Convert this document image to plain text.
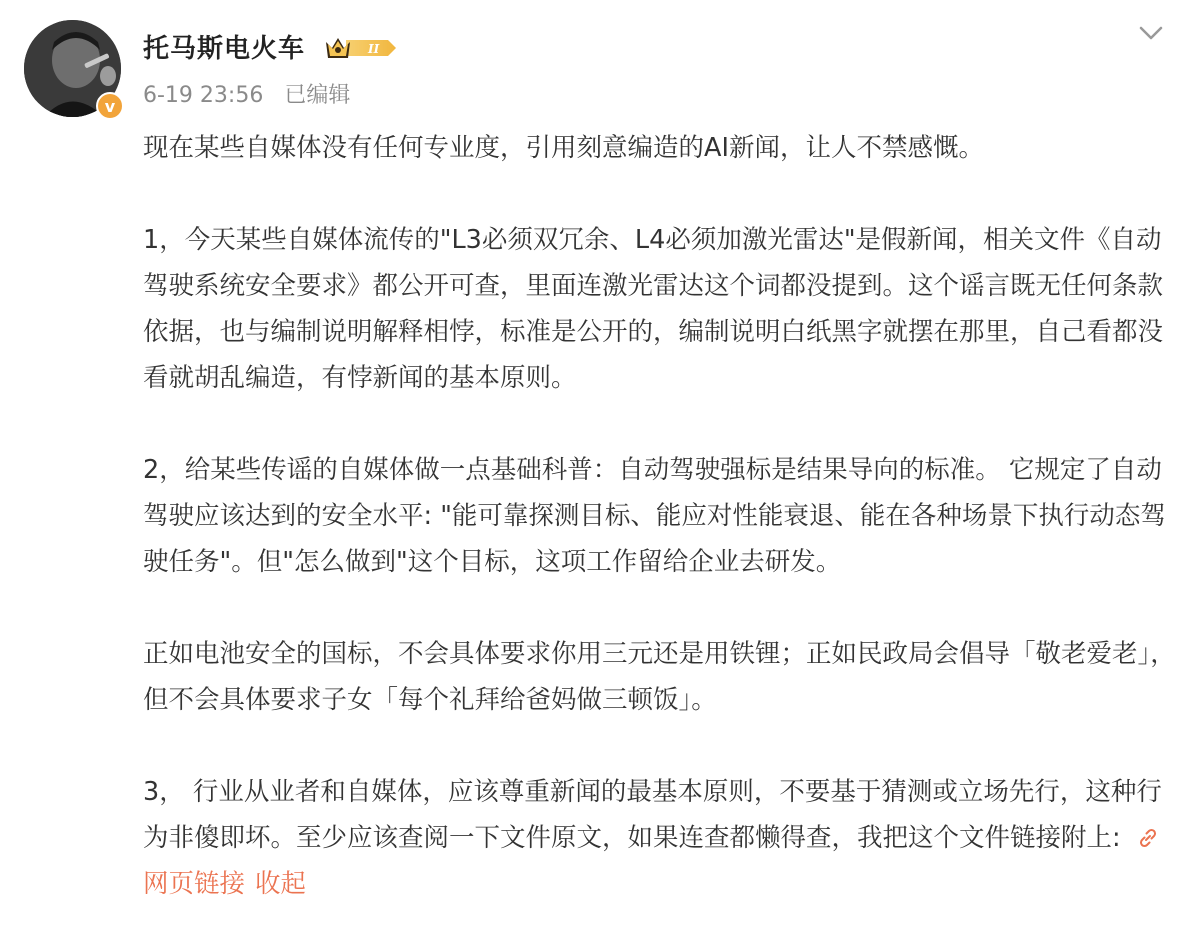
v
托马斯电火车	II
6-19 23:56 已编辑

现在某些自媒体没有任何专业度，引用刻意编造的AI新闻，让人不禁感慨。

1，今天某些自媒体流传的"L3必须双冗余、L4必须加激光雷达"是假新闻，相关文件《自动驾驶系统安全要求》都公开可查，里面连激光雷达这个词都没提到。这个谣言既无任何条款依据，也与编制说明解释相悖，标准是公开的，编制说明白纸黑字就摆在那里，自己看都没看就胡乱编造，有悖新闻的基本原则。

2，给某些传谣的自媒体做一点基础科普：自动驾驶强标是结果导向的标准。 它规定了自动驾驶应该达到的安全水平: "能可靠探测目标、能应对性能衰退、能在各种场景下执行动态驾驶任务"。但"怎么做到"这个目标，这项工作留给企业去研发。

正如电池安全的国标，不会具体要求你用三元还是用铁锂；正如民政局会倡导「敬老爱老」，但不会具体要求子女「每个礼拜给爸妈做三顿饭」。

3， 行业从业者和自媒体，应该尊重新闻的最基本原则，不要基于猜测或立场先行，这种行为非傻即坏。至少应该查阅一下文件原文，如果连查都懒得查，我把这个文件链接附上:网页链接 收起
